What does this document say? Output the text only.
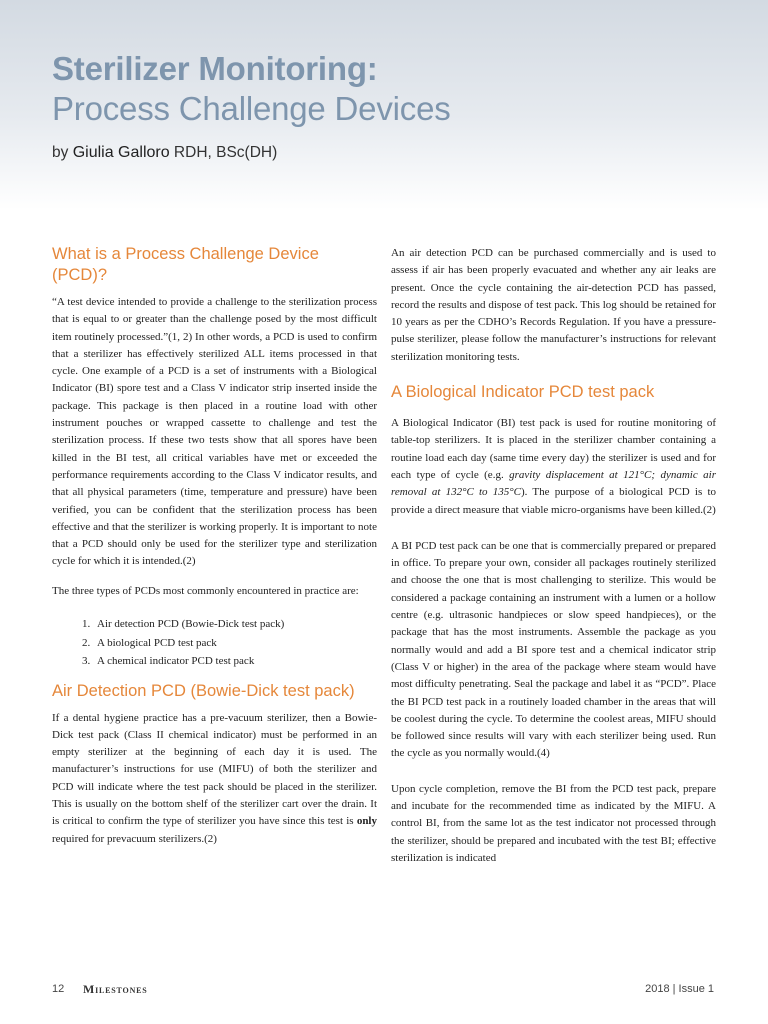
Sterilizer Monitoring:
Process Challenge Devices
by Giulia Galloro RDH, BSc(DH)
What is a Process Challenge Device (PCD)?

“A test device intended to provide a challenge to the sterilization process that is equal to or greater than the challenge posed by the most difficult item routinely processed.”(1, 2) In other words, a PCD is used to confirm that a sterilizer has effectively sterilized ALL items processed in that cycle. One example of a PCD is a set of instruments with a Biological Indicator (BI) spore test and a Class V indicator strip inserted inside the package. This package is then placed in a routine load with other instrument pouches or wrapped cassette to challenge and test the sterilization process. If these two tests show that all spores have been killed in the BI test, all critical variables have met or exceeded the performance requirements according to the Class V indicator results, and that all physical parameters (time, temperature and pressure) have been verified, you can be confident that the sterilization process has been effective and that the sterilizer is working properly. It is important to note that a PCD should only be used for the sterilizer type and sterilization cycle for which it is intended.(2)

The three types of PCDs most commonly encountered in practice are:

1. Air detection PCD (Bowie-Dick test pack)
2. A biological PCD test pack
3. A chemical indicator PCD test pack
Air Detection PCD (Bowie-Dick test pack)

If a dental hygiene practice has a pre-vacuum sterilizer, then a Bowie-Dick test pack (Class II chemical indicator) must be performed in an empty sterilizer at the beginning of each day it is used. The manufacturer’s instructions for use (MIFU) of both the sterilizer and PCD will indicate where the test pack should be placed in the sterilizer. This is usually on the bottom shelf of the sterilizer cart over the drain. It is critical to confirm the type of sterilizer you have since this test is only required for prevacuum sterilizers.(2)

An air detection PCD can be purchased commercially and is used to assess if air has been properly evacuated and whether any air leaks are present. Once the cycle containing the air-detection PCD has passed, record the results and dispose of test pack. This log should be retained for 10 years as per the CDHO’s Records Regulation. If you have a pressure-pulse sterilizer, please follow the manufacturer’s instructions for relevant sterilization monitoring tests.

A Biological Indicator PCD test pack

A Biological Indicator (BI) test pack is used for routine monitoring of table-top sterilizers. It is placed in the sterilizer chamber containing a routine load each day (same time every day) the sterilizer is used and for each type of cycle (e.g. gravity displacement at 121°C; dynamic air removal at 132°C to 135°C). The purpose of a biological PCD is to provide a direct measure that viable micro-organisms have been killed.(2)

A BI PCD test pack can be one that is commercially prepared or prepared in office. To prepare your own, consider all packages routinely sterilized and choose the one that is most challenging to sterilize. This would be considered a package containing an instrument with a lumen or a hollow centre (e.g. ultrasonic handpieces or slow speed handpieces), or the package that has the most instruments. Assemble the package as you normally would and add a BI spore test and a chemical indicator strip (Class V or higher) in the area of the package where steam would have most difficulty penetrating. Seal the package and label it as “PCD”. Place the BI PCD test pack in a routinely loaded chamber in the areas that will be coolest during the cycle. To determine the coolest areas, MIFU should be followed since results will vary with each sterilizer being used. Run the cycle as you normally would.(4)

Upon cycle completion, remove the BI from the PCD test pack, prepare and incubate for the recommended time as indicated by the MIFU. A control BI, from the same lot as the test indicator not processed through the sterilizer, should be prepared and incubated with the test BI; effective sterilization is indicated

12 Milestones	2018 | Issue 1
